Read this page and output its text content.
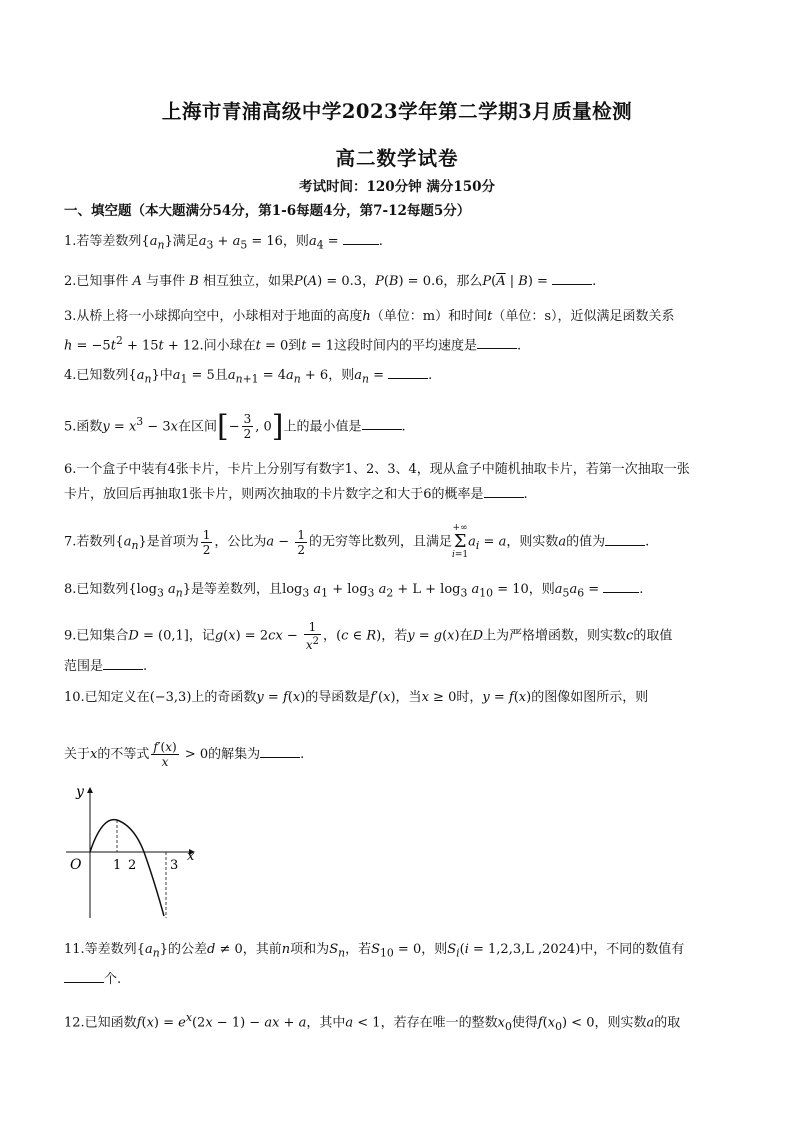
上海市青浦高级中学2023学年第二学期3月质量检测
高二数学试卷
考试时间：120分钟 满分150分
一、填空题（本大题满分54分，第1-6每题4分，第7-12每题5分）
1.若等差数列$\{a_n\}$满足$a_3 + a_5 = 16$，则$a_4$ =	.
2.已知事件 A 与事件 B 相互独立，如果P(A) = 0.3，P(B) = 0.6，那么$P(\overline{A}$ | B) =	.
3.从桥上将一小球掷向空中，小球相对于地面的高度h（单位：m）和时间t（单位：s），近似满足函数关系
$h = -5t^2 + 15t + 12$.问小球在t = 0到t = 1这段时间内的平均速度是	.
4.已知数列$\{a_n\}$中$a_1 = 5$且$a_{n+1} = 4a_n + 6$，则$a_n$ =	.
5.函数$y = x^3 - 3x$在区间[− $\frac{3}{2}$ , 0]上的最小值是	.
6.一个盒子中装有4张卡片，卡片上分别写有数字1、2、3、4，现从盒子中随机抽取卡片，若第一次抽取一张
卡片，放回后再抽取1张卡片，则两次抽取的卡片数字之和大于6的概率是	.
7.若数列$\{a_n\}$是首项为 $\frac{1}{2}$ ，公比为$a - \frac{1}{2}$ 的无穷等比数列，且满足+∞
Σ
$i=1a_i = a$，则实数a的值为	.
8.已知数列{$\log_3$ $a_n$}是等差数列，且$\log_3 a_1 + \log_3 a_2 + L + \log_3 a_{10} = 10$，则$a_5a_6$ =	.
9.已知集合D = (0,1]，记$g(x) = 2cx - \frac{1}{x^2}$ ，(c ∈ R)，若y = g(x)在D上为严格增函数，则实数c的取值
范围是	.
10.已知定义在(−3,3)上的奇函数y = f(x)的导函数是f′(x)，当x ≥ 0时，y = f(x)的图像如图所示，则
关于x的不等式 $\frac{f'(x)}{x} > 0$的解集为	.
y
x
O 1 2	3
11.等差数列$\{a_n\}$的公差d ≠ 0，其前n项和为$S_n$，若$S_{10} = 0$，则$S_i(i = 1,2,3,L$ ,2024)中，不同的数值有
个.
12.已知函数$f(x) = e^x(2x - 1)$ − ax + a，其中a < 1，若存在唯一的整数$x_0$使得$f(x_0) < 0$，则实数a的取
